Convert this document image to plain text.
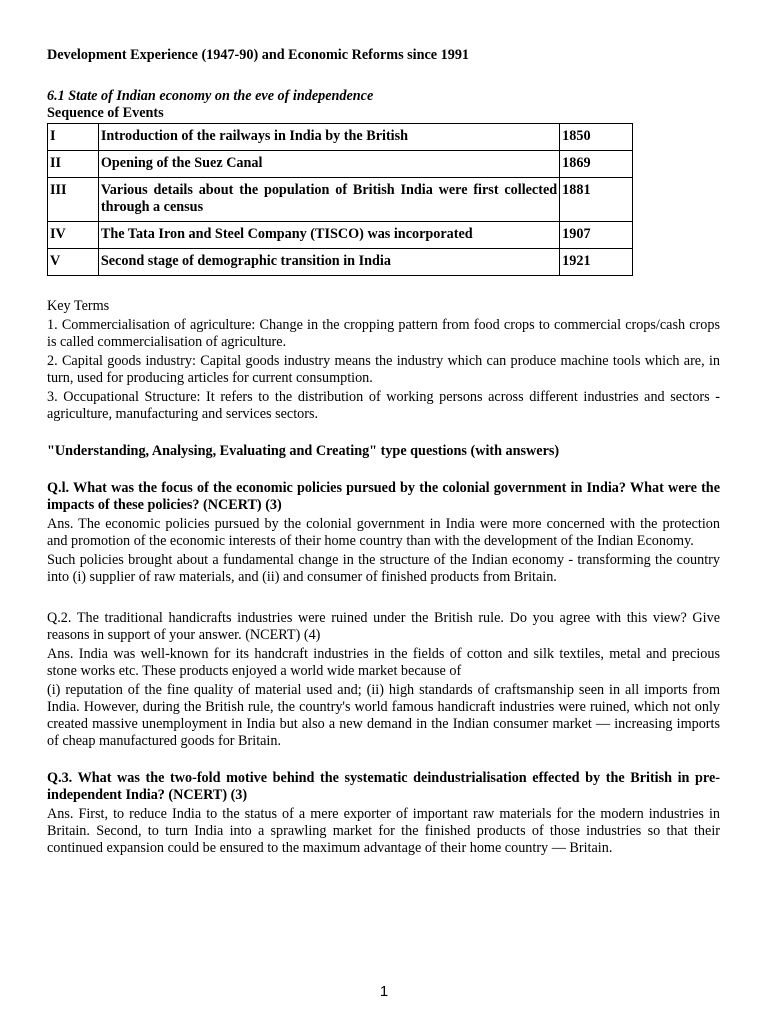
Development Experience (1947-90) and Economic Reforms since 1991

6.1 State of Indian economy on the eve of independence

Sequence of Events

I	Introduction of the railways in India by the British	1850
II	Opening of the Suez Canal	1869
III	Various details about the population of British India were first collected through a census	1881
IV	The Tata Iron and Steel Company (TISCO) was incorporated	1907
V	Second stage of demographic transition in India	1921

Key Terms

1. Commercialisation of agriculture: Change in the cropping pattern from food crops to commercial crops/cash crops is called commercialisation of agriculture.

2. Capital goods industry: Capital goods industry means the industry which can produce machine tools which are, in turn, used for producing articles for current consumption.

3. Occupational Structure: It refers to the distribution of working persons across different industries and sectors - agriculture, manufacturing and services sectors.

"Understanding, Analysing, Evaluating and Creating" type questions (with answers)

Q.l. What was the focus of the economic policies pursued by the colonial government in India? What were the impacts of these policies? (NCERT) (3)

Ans. The economic policies pursued by the colonial government in India were more concerned with the protection and promotion of the economic interests of their home country than with the development of the Indian Economy.

Such policies brought about a fundamental change in the structure of the Indian economy - transforming the country into (i) supplier of raw materials, and (ii) and consumer of finished products from Britain.

Q.2. The traditional handicrafts industries were ruined under the British rule. Do you agree with this view? Give reasons in support of your answer. (NCERT) (4)

Ans. India was well-known for its handcraft industries in the fields of cotton and silk textiles, metal and precious stone works etc. These products enjoyed a world wide market because of

(i) reputation of the fine quality of material used and; (ii) high standards of craftsmanship seen in all imports from India. However, during the British rule, the country's world famous handicraft industries were ruined, which not only created massive unemployment in India but also a new demand in the Indian consumer market — increasing imports of cheap manufactured goods for Britain.

Q.3. What was the two-fold motive behind the systematic deindustrialisation effected by the British in pre-independent India? (NCERT) (3)

Ans. First, to reduce India to the status of a mere exporter of important raw materials for the modern industries in Britain. Second, to turn India into a sprawling market for the finished products of those industries so that their continued expansion could be ensured to the maximum advantage of their home country — Britain.

1
